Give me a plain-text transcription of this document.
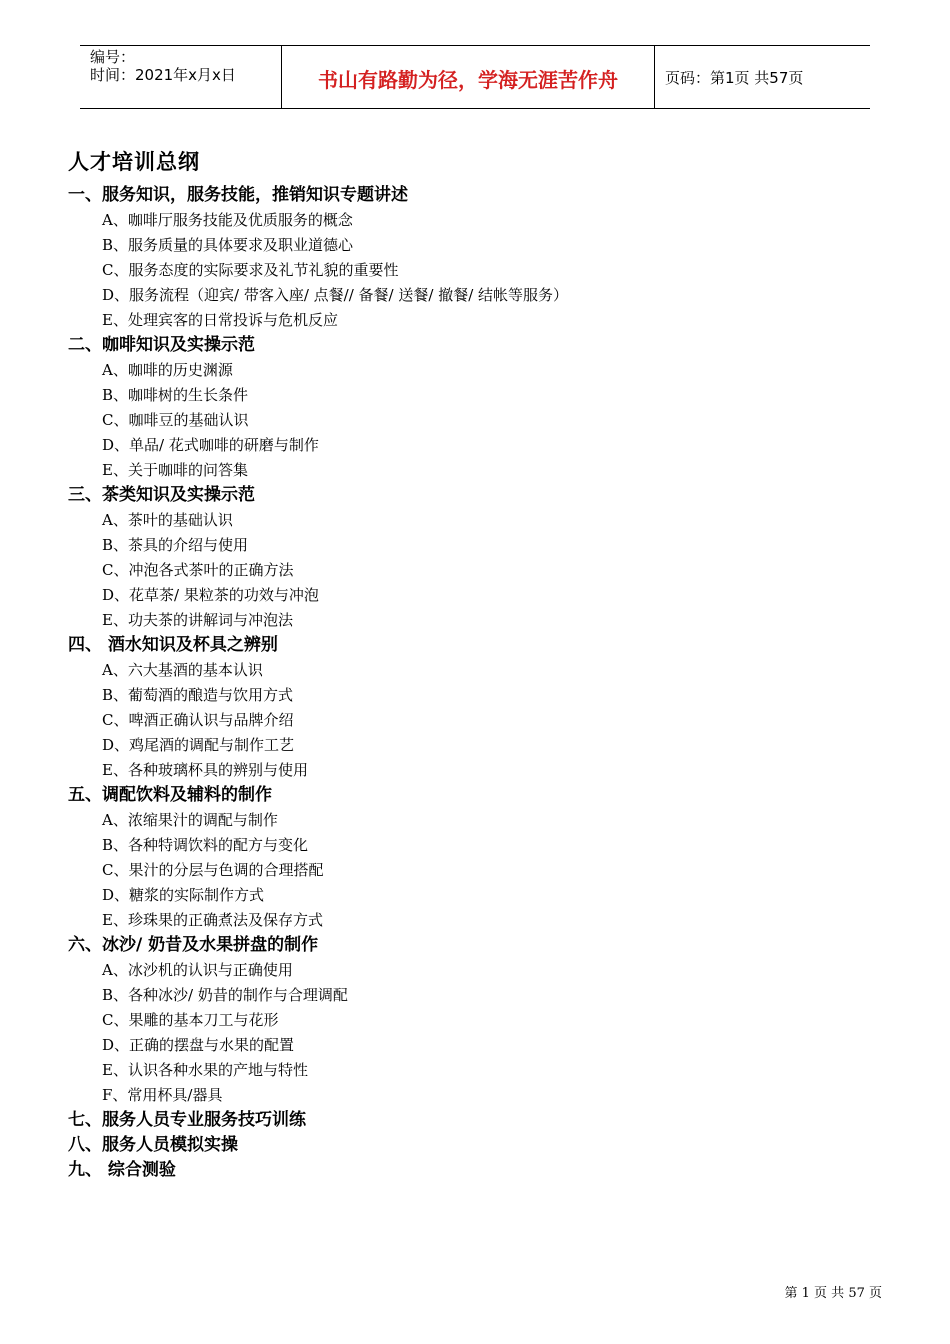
编号：
时间：2021年x月x日	书山有路勤为径，学海无涯苦作舟	页码：第1页 共57页
人才培训总纲
一、服务知识，服务技能，推销知识专题讲述
A、咖啡厅服务技能及优质服务的概念
B、服务质量的具体要求及职业道德心
C、服务态度的实际要求及礼节礼貌的重要性
D、服务流程（迎宾/ 带客入座/ 点餐// 备餐/ 送餐/ 撤餐/ 结帐等服务）
E、处理宾客的日常投诉与危机反应
二、咖啡知识及实操示范
A、咖啡的历史渊源
B、咖啡树的生长条件
C、咖啡豆的基础认识
D、单品/ 花式咖啡的研磨与制作
E、关于咖啡的问答集
三、茶类知识及实操示范
A、茶叶的基础认识
B、茶具的介绍与使用
C、冲泡各式茶叶的正确方法
D、花草茶/ 果粒茶的功效与冲泡
E、功夫茶的讲解词与冲泡法
四、 酒水知识及杯具之辨别
A、六大基酒的基本认识
B、葡萄酒的酿造与饮用方式
C、啤酒正确认识与品牌介绍
D、鸡尾酒的调配与制作工艺
E、各种玻璃杯具的辨别与使用
五、调配饮料及辅料的制作
A、浓缩果汁的调配与制作
B、各种特调饮料的配方与变化
C、果汁的分层与色调的合理搭配
D、糖浆的实际制作方式
E、珍珠果的正确煮法及保存方式
六、冰沙/ 奶昔及水果拼盘的制作
A、冰沙机的认识与正确使用
B、各种冰沙/ 奶昔的制作与合理调配
C、果雕的基本刀工与花形
D、正确的摆盘与水果的配置
E、认识各种水果的产地与特性
F、常用杯具/器具
七、服务人员专业服务技巧训练
八、服务人员模拟实操
九、 综合测验
第 1 页 共 57 页
